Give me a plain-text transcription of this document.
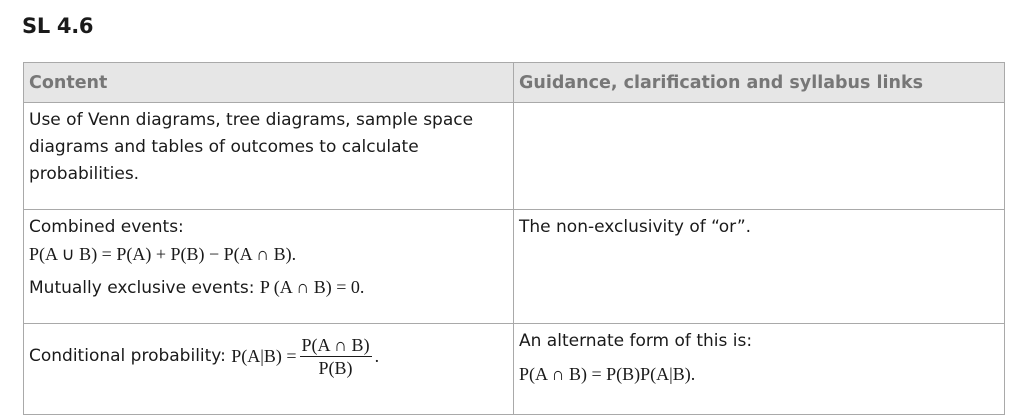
SL 4.6
Content	Guidance, clarification and syllabus links
Use of Venn diagrams, tree diagrams, sample space diagrams and tables of outcomes to calculate probabilities.	

Combined events:
P(A ∪ B) = P(A) + P(B) − P(A ∩ B).
Mutually exclusive events: P (A ∩ B) = 0.	The non-exclusivity of “or”.

Conditional probability:
$P(A|B) = \frac{P(A \cap B)}{P(B)}$ .	An alternate form of this is:
P(A ∩ B) = P(B)P(A|B).
